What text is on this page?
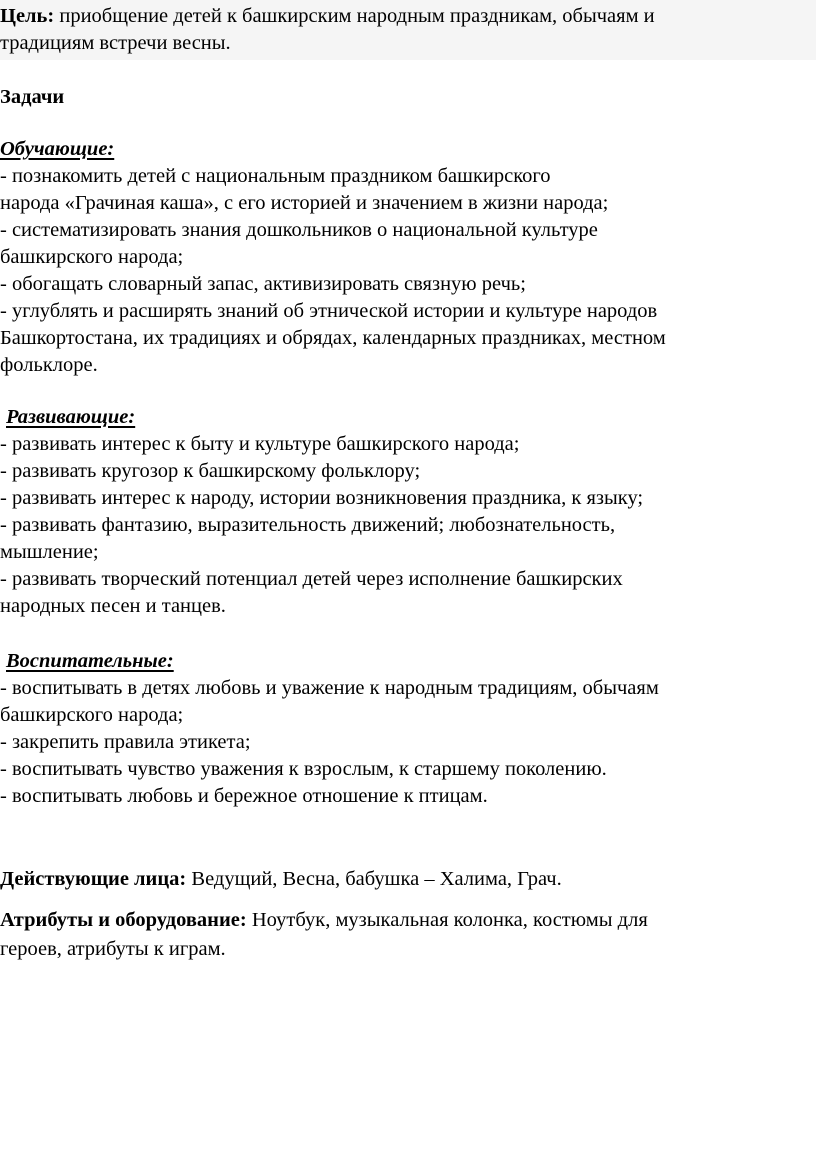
Цель: приобщение детей к башкирским народным праздникам, обычаям и
традициям встречи весны.
Задачи
Обучающие:
- познакомить детей с национальным праздником башкирского
народа «Грачиная каша», с его историей и значением в жизни народа;
- систематизировать знания дошкольников о национальной культуре
башкирского народа;
- обогащать словарный запас, активизировать связную речь;
- углублять и расширять знаний об этнической истории и культуре народов
Башкортостана, их традициях и обрядах, календарных праздниках, местном
фольклоре.
Развивающие:
- развивать интерес к быту и культуре башкирского народа;
- развивать кругозор к башкирскому фольклору;
- развивать интерес к народу, истории возникновения праздника, к языку;
- развивать фантазию, выразительность движений; любознательность,
мышление;
- развивать творческий потенциал детей через исполнение башкирских
народных песен и танцев.
Воспитательные:
- воспитывать в детях любовь и уважение к народным традициям, обычаям
башкирского народа;
- закрепить правила этикета;
- воспитывать чувство уважения к взрослым, к старшему поколению.
- воспитывать любовь и бережное отношение к птицам.
Действующие лица: Ведущий, Весна, бабушка – Халима, Грач.
Атрибуты и оборудование: Ноутбук, музыкальная колонка, костюмы для
героев, атрибуты к играм.
